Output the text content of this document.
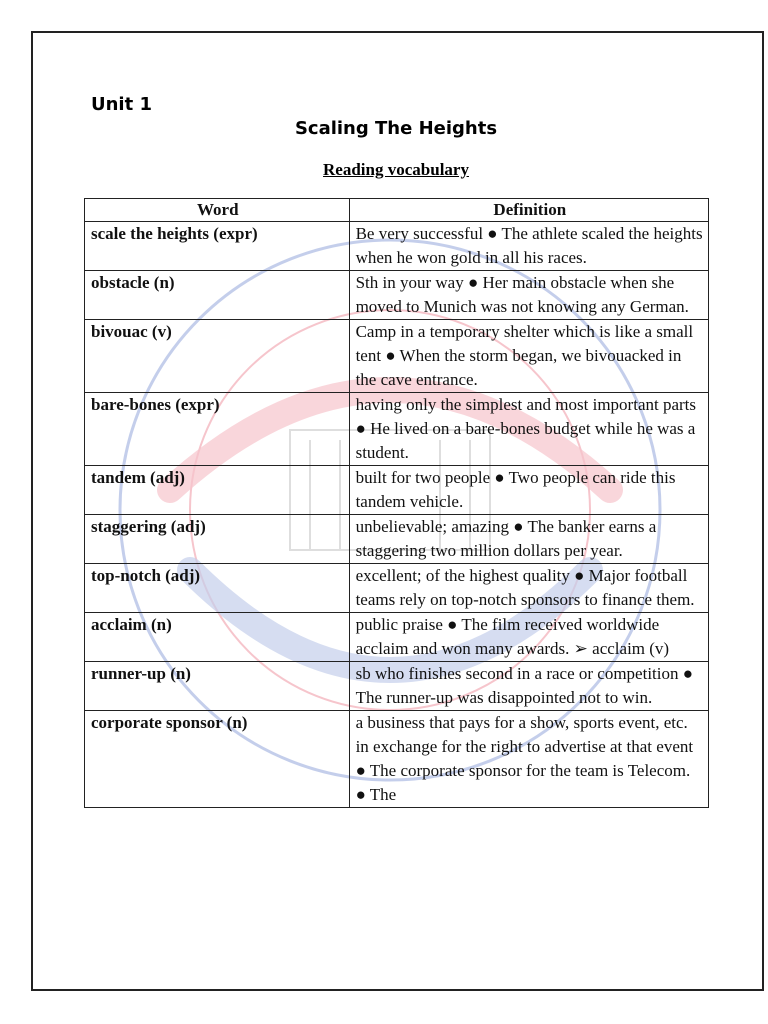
Unit 1
Scaling The Heights
Reading vocabulary
Word	Definition
scale the heights (expr)	Be very successful ● The athlete scaled the heights when he won gold in all his races.
obstacle (n)	Sth in your way ● Her main obstacle when she moved to Munich was not knowing any German.
bivouac (v)	Camp in a temporary shelter which is like a small tent ● When the storm began, we bivouacked in the cave entrance.
bare-bones (expr)	having only the simplest and most important parts ● He lived on a bare-bones budget while he was a student.
tandem (adj)	built for two people ● Two people can ride this tandem vehicle.
staggering (adj)	unbelievable; amazing ● The banker earns a staggering two million dollars per year.
top-notch (adj)	excellent; of the highest quality ● Major football teams rely on top-notch sponsors to finance them.
acclaim (n)	public praise ● The film received worldwide acclaim and won many awards. ➢ acclaim (v)
runner-up (n)	sb who finishes second in a race or competition ● The runner-up was disappointed not to win.
corporate sponsor (n)	a business that pays for a show, sports event, etc. in exchange for the right to advertise at that event ● The corporate sponsor for the team is Telecom. ● The
